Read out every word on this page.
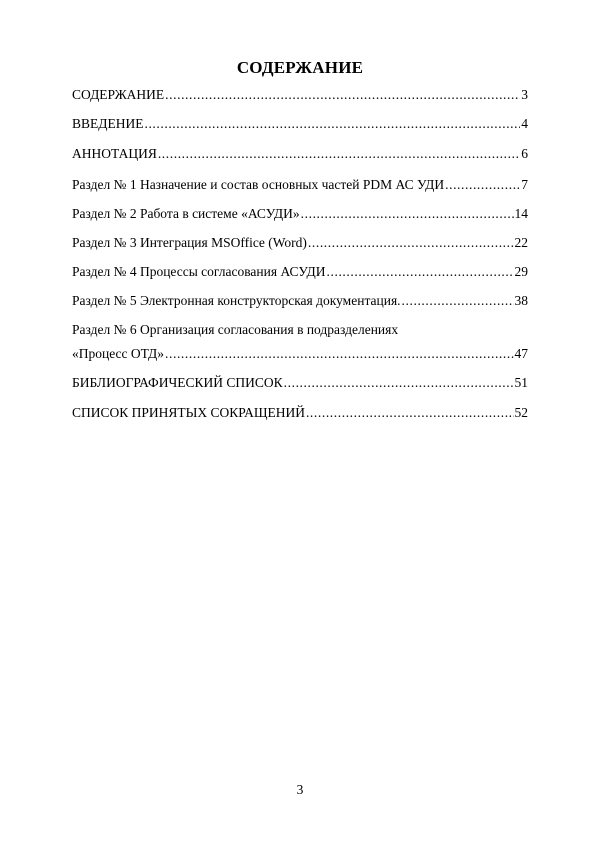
СОДЕРЖАНИЕ
СОДЕРЖАНИЕ .....	3
ВВЕДЕНИЕ .....	4
АННОТАЦИЯ .....	6
Раздел № 1 Назначение и состав основных частей PDM АС УДИ .....	7
Раздел № 2 Работа в системе «АСУДИ» .....	14
Раздел № 3 Интеграция MSOffice (Word) .....	22
Раздел № 4 Процессы согласования АСУДИ .....	29
Раздел № 5 Электронная конструкторская документация. .....	38
Раздел № 6 Организация согласования в подразделениях
«Процесс ОТД» .....	47
БИБЛИОГРАФИЧЕСКИЙ СПИСОК .....	51
СПИСОК ПРИНЯТЫХ СОКРАЩЕНИЙ .....	52
3
